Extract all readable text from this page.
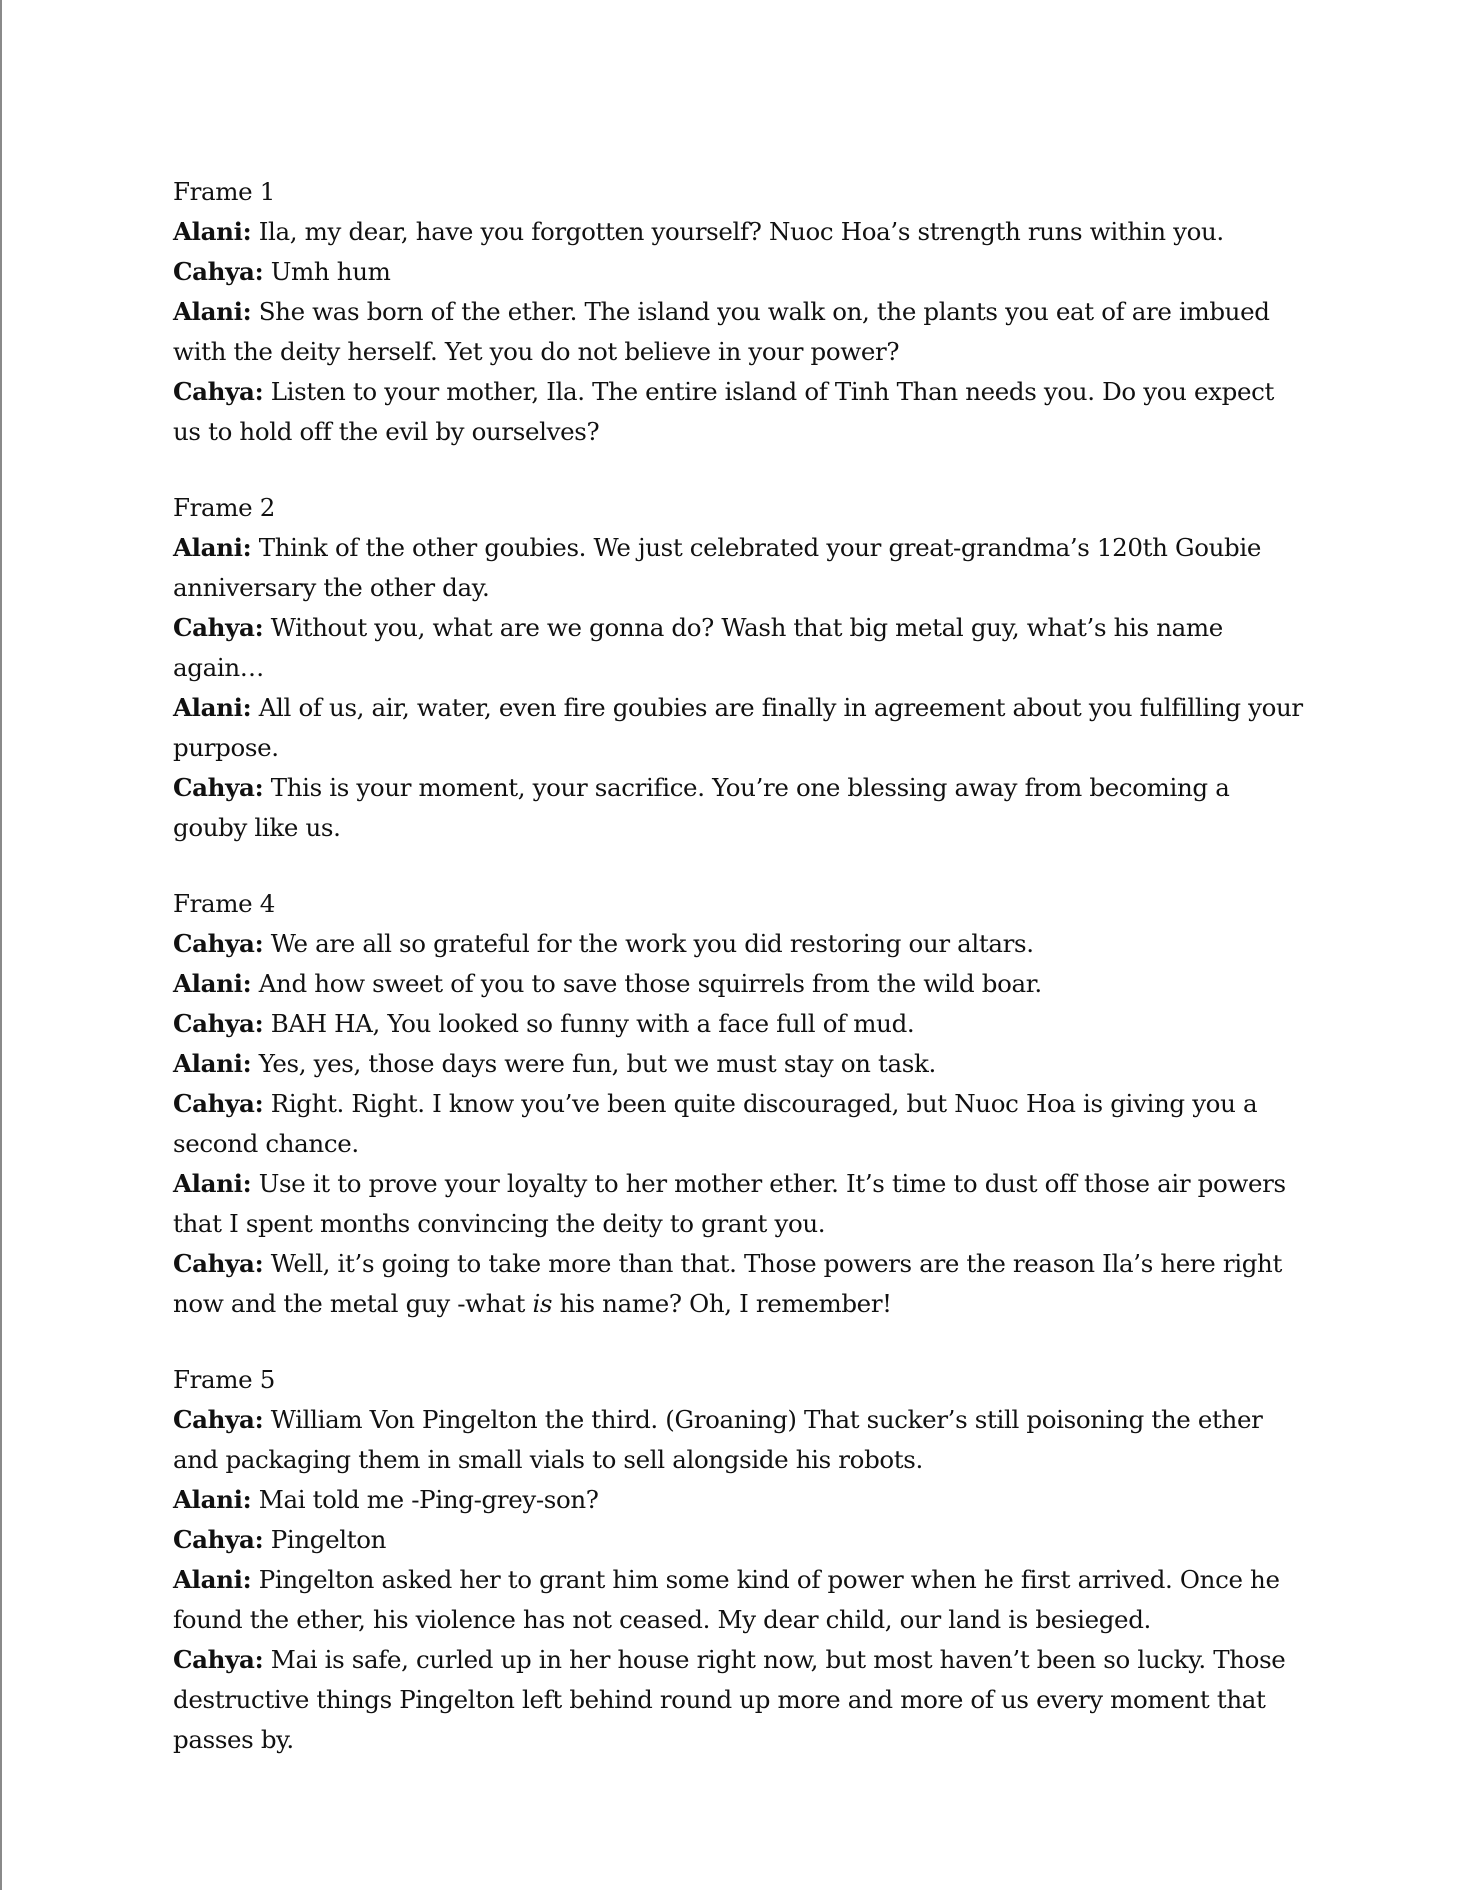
Frame 1

Alani: Ila, my dear, have you forgotten yourself? Nuoc Hoa’s strength runs within you.

Cahya: Umh hum

Alani: She was born of the ether. The island you walk on, the plants you eat of are imbued with the deity herself. Yet you do not believe in your power?

Cahya: Listen to your mother, Ila. The entire island of Tinh Than needs you. Do you expect us to hold off the evil by ourselves?

Frame 2

Alani: Think of the other goubies. We just celebrated your great-grandma’s 120th Goubie anniversary the other day.

Cahya: Without you, what are we gonna do? Wash that big metal guy, what’s his name again…

Alani: All of us, air, water, even fire goubies are finally in agreement about you fulfilling your purpose.

Cahya: This is your moment, your sacrifice. You’re one blessing away from becoming a gouby like us.

Frame 4

Cahya: We are all so grateful for the work you did restoring our altars.

Alani: And how sweet of you to save those squirrels from the wild boar.

Cahya: BAH HA, You looked so funny with a face full of mud.

Alani: Yes, yes, those days were fun, but we must stay on task.

Cahya: Right. Right. I know you’ve been quite discouraged, but Nuoc Hoa is giving you a second chance.

Alani: Use it to prove your loyalty to her mother ether. It’s time to dust off those air powers that I spent months convincing the deity to grant you.

Cahya: Well, it’s going to take more than that. Those powers are the reason Ila’s here right now and the metal guy -what is his name? Oh, I remember!

Frame 5

Cahya: William Von Pingelton the third. (Groaning) That sucker’s still poisoning the ether and packaging them in small vials to sell alongside his robots.

Alani: Mai told me -Ping-grey-son?

Cahya: Pingelton

Alani: Pingelton asked her to grant him some kind of power when he first arrived. Once he found the ether, his violence has not ceased. My dear child, our land is besieged.

Cahya: Mai is safe, curled up in her house right now, but most haven’t been so lucky. Those destructive things Pingelton left behind round up more and more of us every moment that passes by.
